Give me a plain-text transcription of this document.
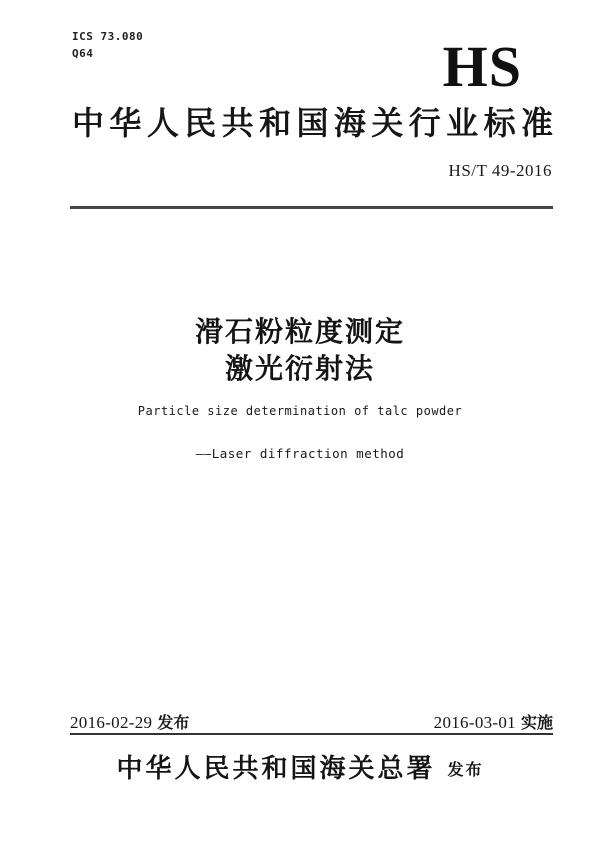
ICS 73.080
Q64	HS
中华人民共和国海关行业标准
HS/T 49-2016
滑石粉粒度测定
激光衍射法
Particle size determination of talc powder
——Laser diffraction method
2016-02-29 发布	2016-03-01 实施
中华人民共和国海关总署 发布
